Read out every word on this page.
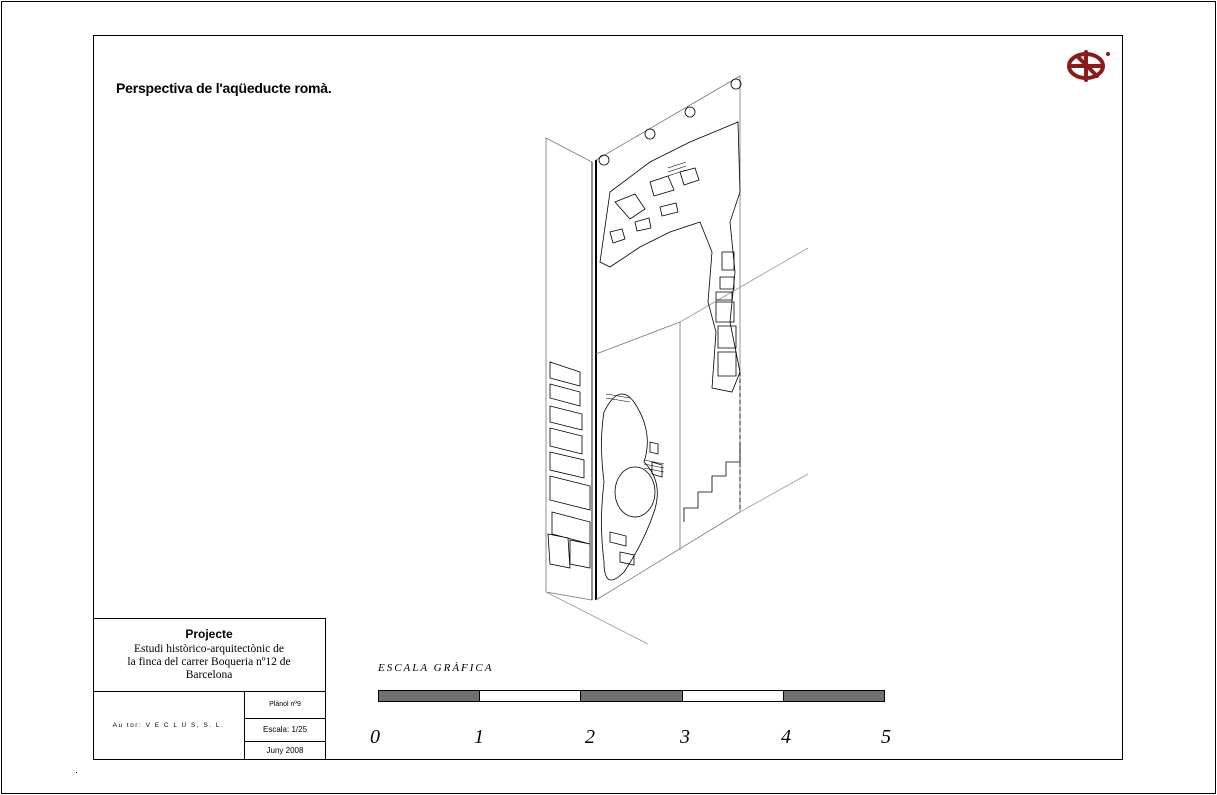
Perspectiva de l'aqüeducte romà.
Projecte
Estudi històrico-arquitectònic de
la finca del carrer Boqueria nº12 de
Barcelona
Au tor: V E C L U S, S. L.
Plànol nº9
Escala: 1/25
Juny 2008
ESCALA GRÀFICA
0	1	2	3	4	5
